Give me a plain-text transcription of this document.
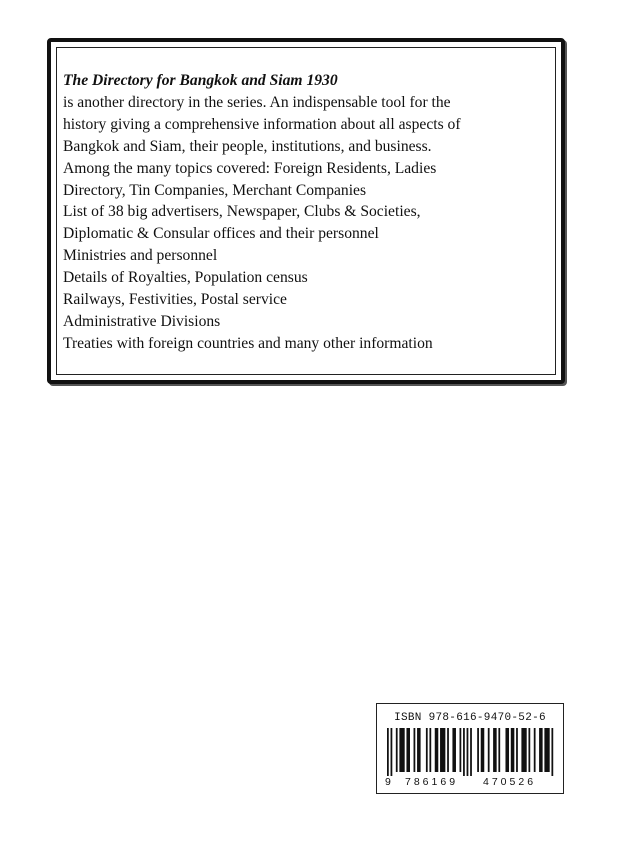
The Directory for Bangkok and Siam 1930
is another directory in the series. An indispensable tool for the
history giving a comprehensive information about all aspects of
Bangkok and Siam, their people, institutions, and business.
Among the many topics covered: Foreign Residents, Ladies
Directory, Tin Companies, Merchant Companies
List of 38 big advertisers, Newspaper, Clubs & Societies,
Diplomatic & Consular offices and their personnel
Ministries and personnel
Details of Royalties, Population census
Railways, Festivities, Postal service
Administrative Divisions
Treaties with foreign countries and many other information
ISBN 978-616-9470-52-6
9 786169 470526
